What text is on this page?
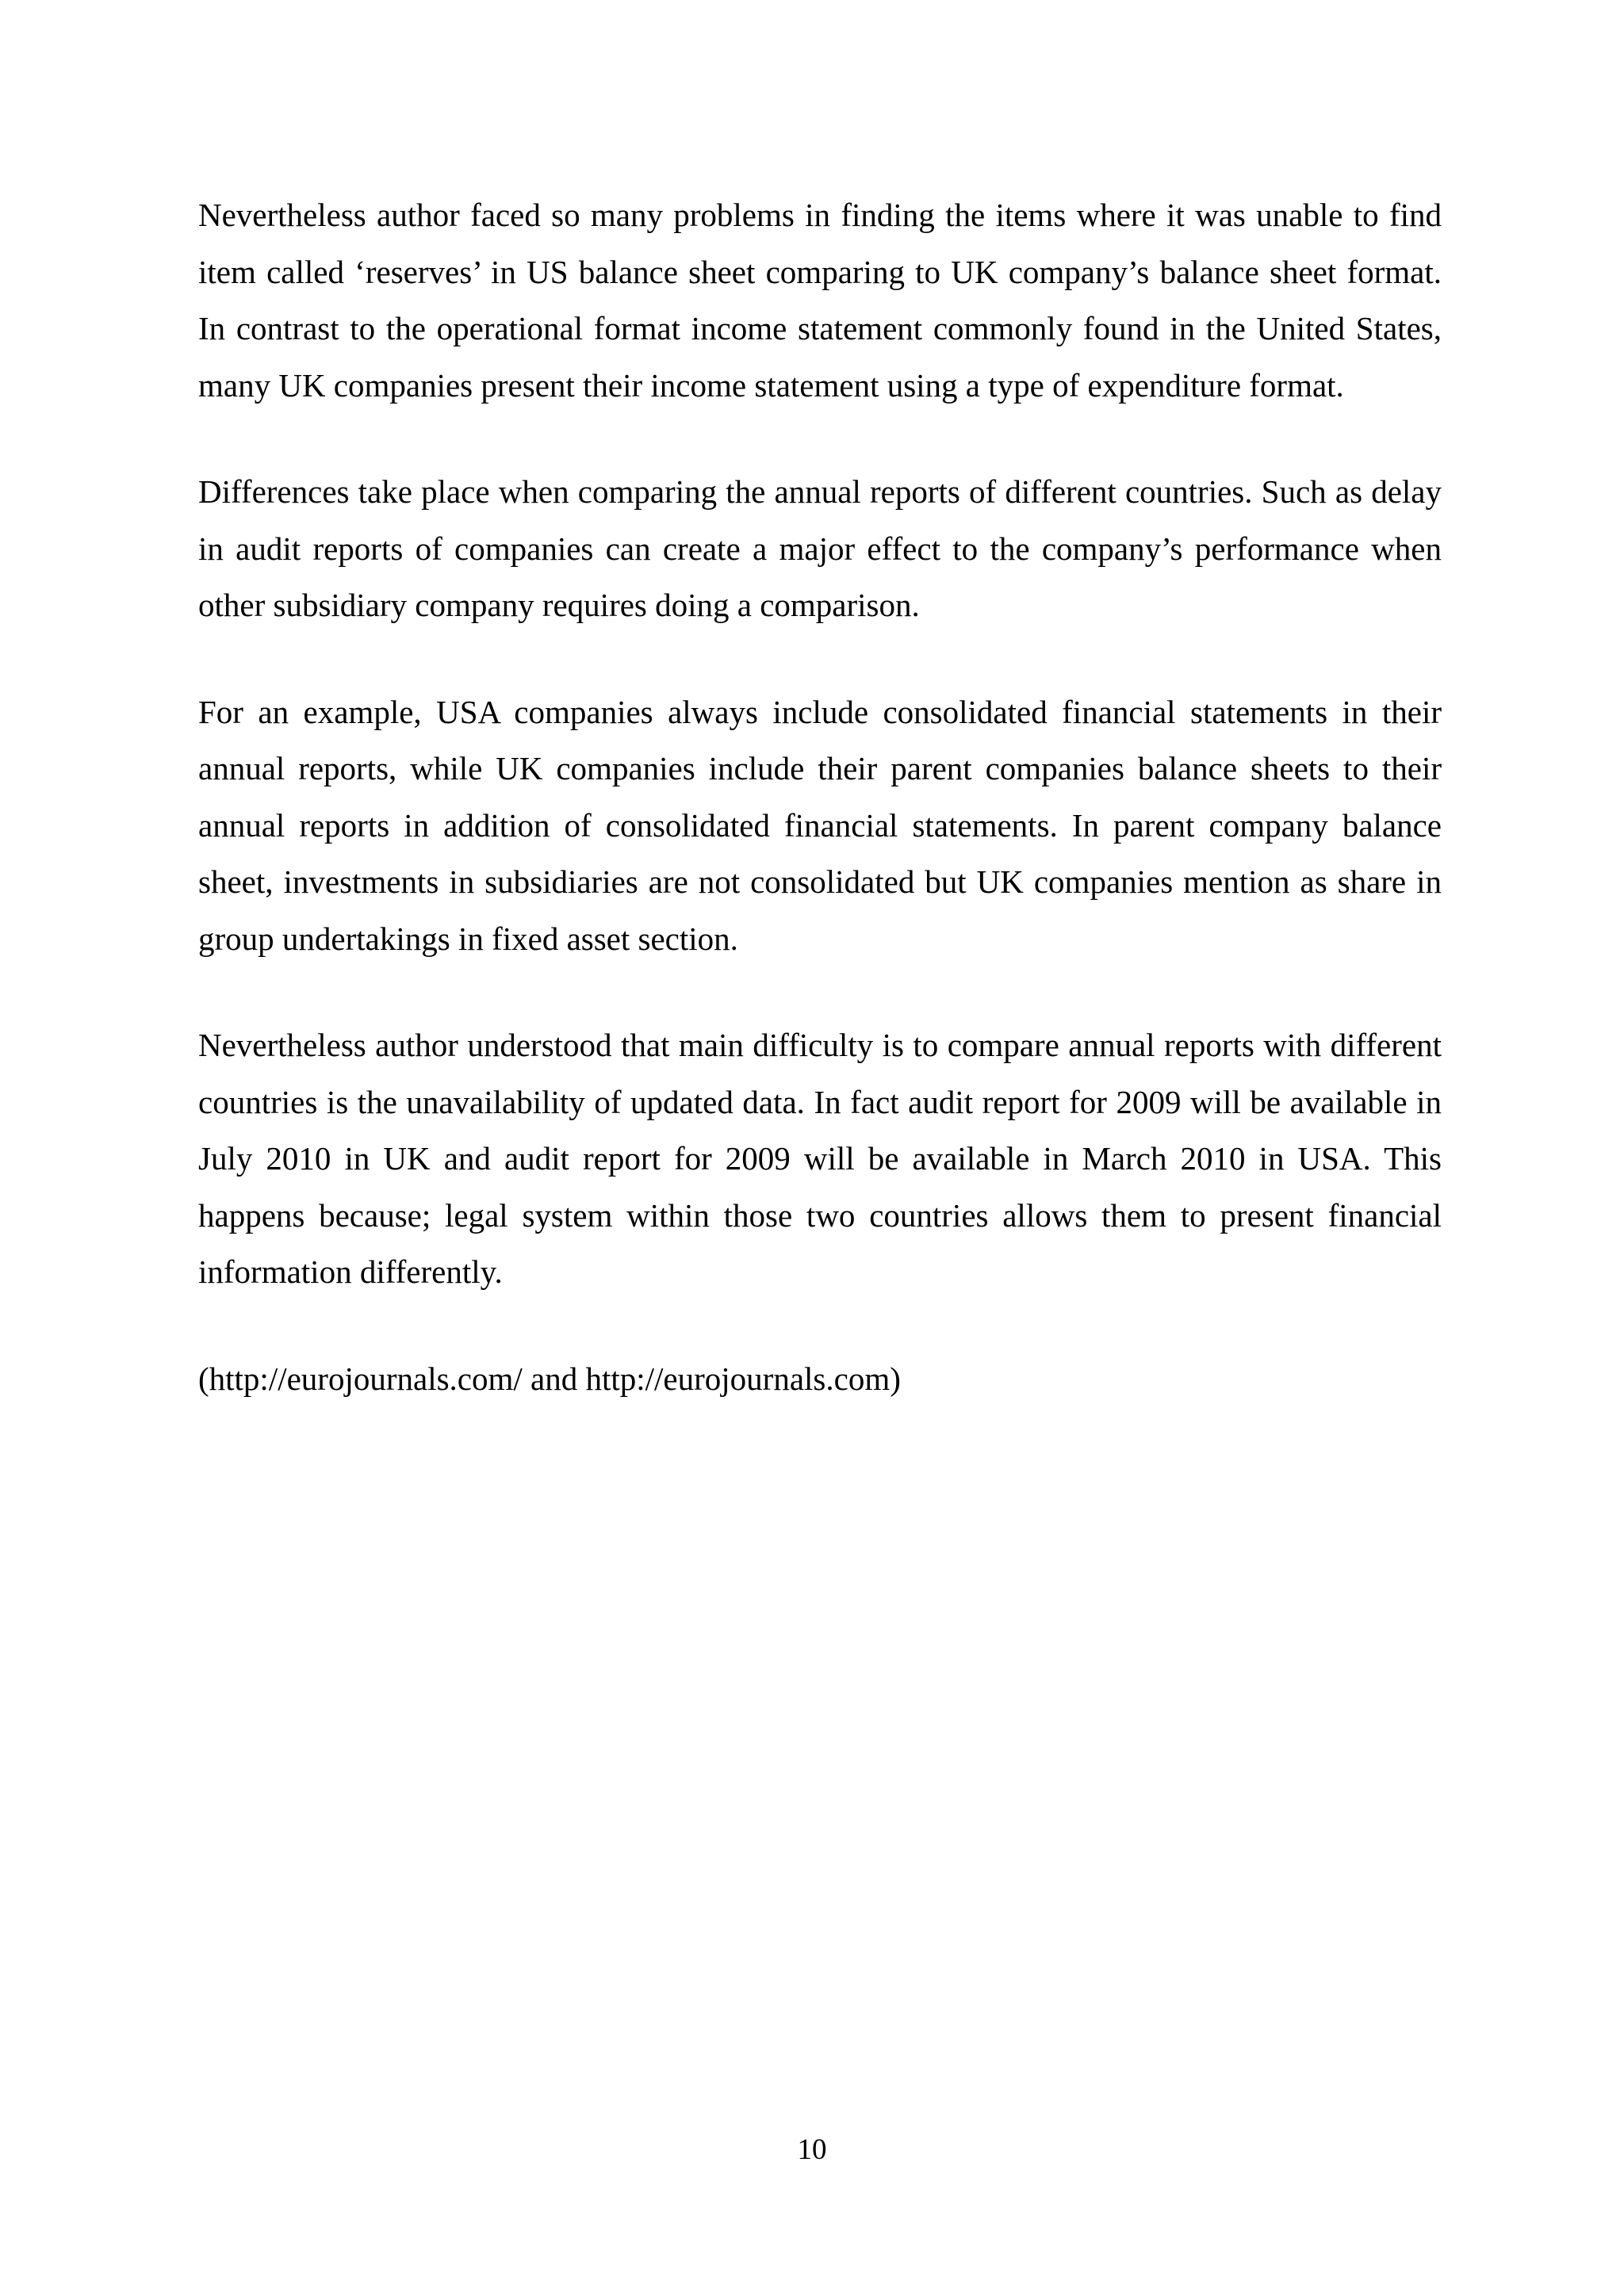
Nevertheless author faced so many problems in finding the items where it was unable to find item called ‘reserves’ in US balance sheet comparing to UK company’s balance sheet format. In contrast to the operational format income statement commonly found in the United States, many UK companies present their income statement using a type of expenditure format.

Differences take place when comparing the annual reports of different countries. Such as delay in audit reports of companies can create a major effect to the company’s performance when other subsidiary company requires doing a comparison.

For an example, USA companies always include consolidated financial statements in their annual reports, while UK companies include their parent companies balance sheets to their annual reports in addition of consolidated financial statements. In parent company balance sheet, investments in subsidiaries are not consolidated but UK companies mention as share in group undertakings in fixed asset section.

Nevertheless author understood that main difficulty is to compare annual reports with different countries is the unavailability of updated data. In fact audit report for 2009 will be available in July 2010 in UK and audit report for 2009 will be available in March 2010 in USA. This happens because; legal system within those two countries allows them to present financial information differently.

(http://eurojournals.com/ and http://eurojournals.com)

10
